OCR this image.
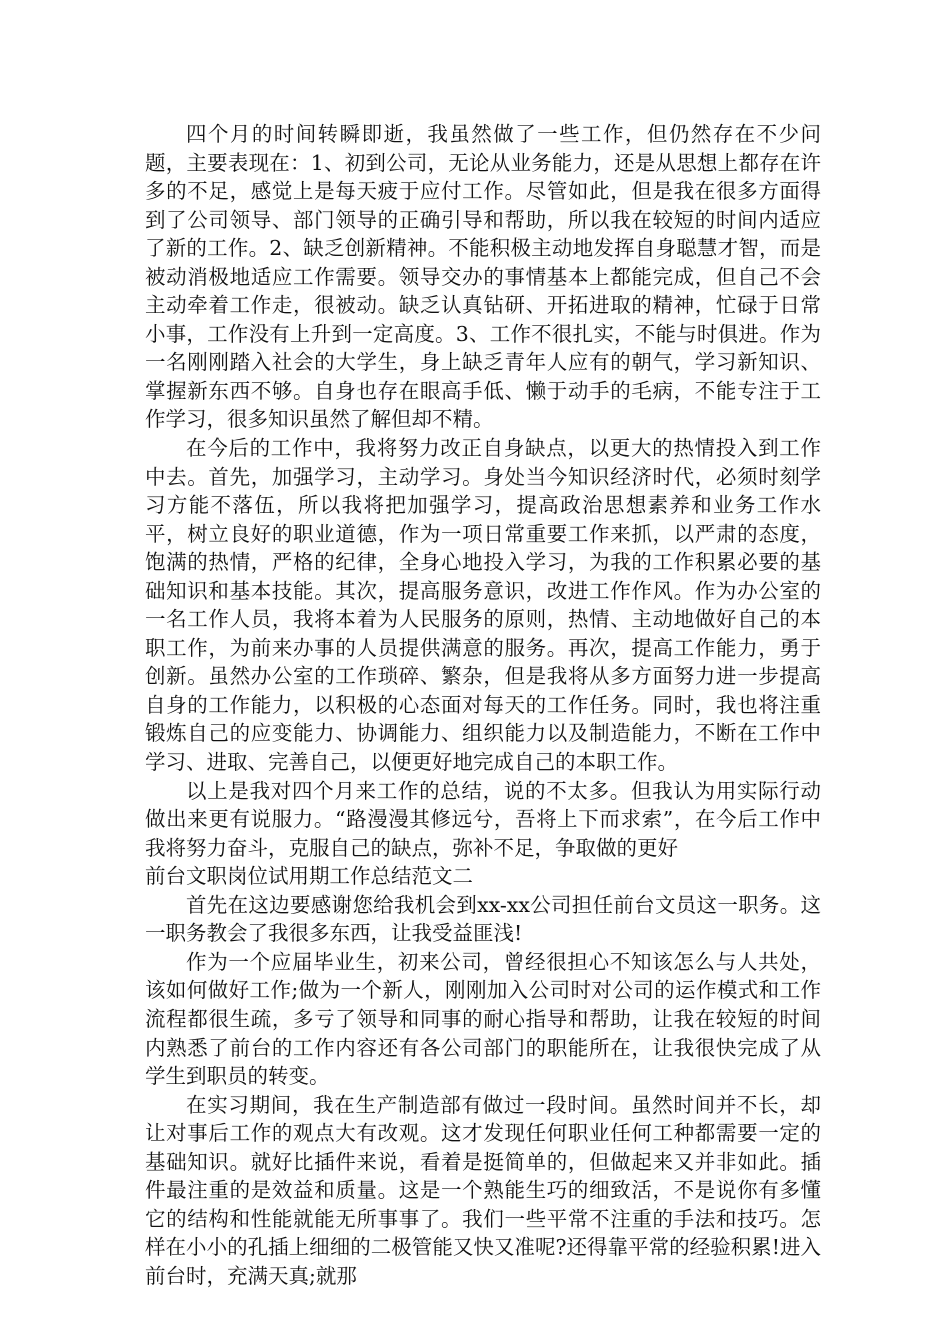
四个月的时间转瞬即逝，我虽然做了一些工作，但仍然存在不少问题，主要表现在：1、初到公司，无论从业务能力，还是从思想上都存在许多的不足，感觉上是每天疲于应付工作。尽管如此，但是我在很多方面得到了公司领导、部门领导的正确引导和帮助，所以我在较短的时间内适应了新的工作。2、缺乏创新精神。不能积极主动地发挥自身聪慧才智，而是被动消极地适应工作需要。领导交办的事情基本上都能完成，但自己不会主动牵着工作走，很被动。缺乏认真钻研、开拓进取的精神，忙碌于日常小事，工作没有上升到一定高度。3、工作不很扎实，不能与时俱进。作为一名刚刚踏入社会的大学生，身上缺乏青年人应有的朝气，学习新知识、掌握新东西不够。自身也存在眼高手低、懒于动手的毛病，不能专注于工作学习，很多知识虽然了解但却不精。

在今后的工作中，我将努力改正自身缺点，以更大的热情投入到工作中去。首先，加强学习，主动学习。身处当今知识经济时代，必须时刻学习方能不落伍，所以我将把加强学习，提高政治思想素养和业务工作水平，树立良好的职业道德，作为一项日常重要工作来抓，以严肃的态度，饱满的热情，严格的纪律，全身心地投入学习，为我的工作积累必要的基础知识和基本技能。其次，提高服务意识，改进工作作风。作为办公室的一名工作人员，我将本着为人民服务的原则，热情、主动地做好自己的本职工作，为前来办事的人员提供满意的服务。再次，提高工作能力，勇于创新。虽然办公室的工作琐碎、繁杂，但是我将从多方面努力进一步提高自身的工作能力，以积极的心态面对每天的工作任务。同时，我也将注重锻炼自己的应变能力、协调能力、组织能力以及制造能力，不断在工作中学习、进取、完善自己，以便更好地完成自己的本职工作。

以上是我对四个月来工作的总结，说的不太多。但我认为用实际行动做出来更有说服力。“路漫漫其修远兮，吾将上下而求索”，在今后工作中我将努力奋斗，克服自己的缺点，弥补不足，争取做的更好

前台文职岗位试用期工作总结范文二

首先在这边要感谢您给我机会到xx-xx公司担任前台文员这一职务。这一职务教会了我很多东西，让我受益匪浅!

作为一个应届毕业生，初来公司，曾经很担心不知该怎么与人共处，该如何做好工作;做为一个新人，刚刚加入公司时对公司的运作模式和工作流程都很生疏，多亏了领导和同事的耐心指导和帮助，让我在较短的时间内熟悉了前台的工作内容还有各公司部门的职能所在，让我很快完成了从学生到职员的转变。

在实习期间，我在生产制造部有做过一段时间。虽然时间并不长，却让对事后工作的观点大有改观。这才发现任何职业任何工种都需要一定的基础知识。就好比插件来说，看着是挺简单的，但做起来又并非如此。插件最注重的是效益和质量。这是一个熟能生巧的细致活，不是说你有多懂它的结构和性能就能无所事事了。我们一些平常不注重的手法和技巧。怎样在小小的孔插上细细的二极管能又快又准呢?还得靠平常的经验积累!进入前台时，充满天真;就那
